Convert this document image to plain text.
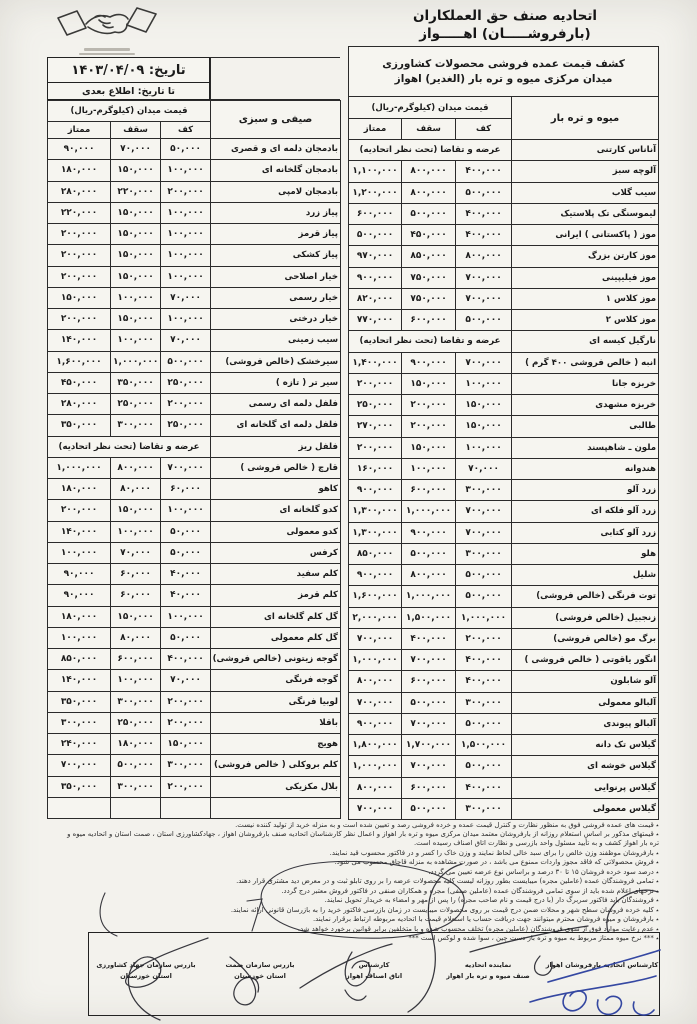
اتحادیه صنف حق العملکاران
(بارفروشـــــان) اهـــــواز
تاریخ: ۱۴۰۳/۰۴/۰۹
تا تاریخ: اطلاع بعدی
صیفی و سبزی	قیمت میدان (کیلوگرم-ریال)		
	کف	سقف	ممتاز
بادمجان دلمه ای و قصری	۵۰,۰۰۰	۷۰,۰۰۰	۹۰,۰۰۰
بادمجان گلخانه ای	۱۰۰,۰۰۰	۱۵۰,۰۰۰	۱۸۰,۰۰۰
بادمجان لامپی	۲۰۰,۰۰۰	۲۲۰,۰۰۰	۲۸۰,۰۰۰
پیاز زرد	۱۰۰,۰۰۰	۱۵۰,۰۰۰	۲۲۰,۰۰۰
پیاز قرمز	۱۰۰,۰۰۰	۱۵۰,۰۰۰	۲۰۰,۰۰۰
پیاز کشکی	۱۰۰,۰۰۰	۱۵۰,۰۰۰	۲۰۰,۰۰۰
خیار اصلاحی	۱۰۰,۰۰۰	۱۵۰,۰۰۰	۲۰۰,۰۰۰
خیار رسمی	۷۰,۰۰۰	۱۰۰,۰۰۰	۱۵۰,۰۰۰
خیار درختی	۱۰۰,۰۰۰	۱۵۰,۰۰۰	۲۰۰,۰۰۰
سیب زمینی	۷۰,۰۰۰	۱۰۰,۰۰۰	۱۴۰,۰۰۰
سیرخشک (خالص فروشی)	۵۰۰,۰۰۰	۱,۰۰۰,۰۰۰	۱,۶۰۰,۰۰۰
سیر تر ( تازه )	۲۵۰,۰۰۰	۳۵۰,۰۰۰	۴۵۰,۰۰۰
فلفل دلمه ای رسمی	۲۰۰,۰۰۰	۲۵۰,۰۰۰	۲۸۰,۰۰۰
فلفل دلمه ای گلخانه ای	۲۵۰,۰۰۰	۳۰۰,۰۰۰	۳۵۰,۰۰۰
فلفل ریز	عرضه و تقاضا (تحت نظر اتحادیه)		
قارچ ( خالص فروشی )	۷۰۰,۰۰۰	۸۰۰,۰۰۰	۱,۰۰۰,۰۰۰
کاهو	۶۰,۰۰۰	۸۰,۰۰۰	۱۸۰,۰۰۰
کدو گلخانه ای	۱۰۰,۰۰۰	۱۵۰,۰۰۰	۲۰۰,۰۰۰
کدو معمولی	۵۰,۰۰۰	۱۰۰,۰۰۰	۱۴۰,۰۰۰
کرفس	۵۰,۰۰۰	۷۰,۰۰۰	۱۰۰,۰۰۰
کلم سفید	۴۰,۰۰۰	۶۰,۰۰۰	۹۰,۰۰۰
کلم قرمز	۴۰,۰۰۰	۶۰,۰۰۰	۹۰,۰۰۰
گل کلم گلخانه ای	۱۰۰,۰۰۰	۱۵۰,۰۰۰	۱۸۰,۰۰۰
گل کلم معمولی	۵۰,۰۰۰	۸۰,۰۰۰	۱۰۰,۰۰۰
گوجه زیتونی (خالص فروشی)	۴۰۰,۰۰۰	۶۰۰,۰۰۰	۸۵۰,۰۰۰
گوجه فرنگی	۷۰,۰۰۰	۱۰۰,۰۰۰	۱۴۰,۰۰۰
لوبیا فرنگی	۲۰۰,۰۰۰	۳۰۰,۰۰۰	۳۵۰,۰۰۰
باقلا	۲۰۰,۰۰۰	۲۵۰,۰۰۰	۳۰۰,۰۰۰
هویج	۱۵۰,۰۰۰	۱۸۰,۰۰۰	۲۴۰,۰۰۰
کلم بروکلی ( خالص فروشی)	۳۰۰,۰۰۰	۵۰۰,۰۰۰	۷۰۰,۰۰۰
بلال مکزیکی	۲۰۰,۰۰۰	۳۰۰,۰۰۰	۳۵۰,۰۰۰

کشف قیمت عمده فروشی محصولات کشاورزی
میدان مرکزی میوه و تره بار (الغدیر) اهواز			
میوه و تره بار	قیمت میدان (کیلوگرم-ریال)		
	کف	سقف	ممتاز
آناناس کارتنی	عرضه و تقاضا (تحت نظر اتحادیه)		
آلوچه سبز	۴۰۰,۰۰۰	۸۰۰,۰۰۰	۱,۱۰۰,۰۰۰
سیب گلاب	۵۰۰,۰۰۰	۸۰۰,۰۰۰	۱,۲۰۰,۰۰۰
لیموسنگی تک پلاستیک	۴۰۰,۰۰۰	۵۰۰,۰۰۰	۶۰۰,۰۰۰
موز ( پاکستانی ) ایرانی	۴۰۰,۰۰۰	۴۵۰,۰۰۰	۵۰۰,۰۰۰
موز کارتن بزرگ	۸۰۰,۰۰۰	۸۵۰,۰۰۰	۹۷۰,۰۰۰
موز فیلیپینی	۷۰۰,۰۰۰	۷۵۰,۰۰۰	۹۰۰,۰۰۰
موز کلاس ۱	۷۰۰,۰۰۰	۷۵۰,۰۰۰	۸۲۰,۰۰۰
موز کلاس ۲	۵۰۰,۰۰۰	۶۰۰,۰۰۰	۷۷۰,۰۰۰
نارگیل کیسه ای	عرضه و تقاضا (تحت نظر اتحادیه)		
انبه ( خالص فروشی ۴۰۰ گرم )	۷۰۰,۰۰۰	۹۰۰,۰۰۰	۱,۴۰۰,۰۰۰
خربزه جانا	۱۰۰,۰۰۰	۱۵۰,۰۰۰	۲۰۰,۰۰۰
خربزه مشهدی	۱۵۰,۰۰۰	۲۰۰,۰۰۰	۲۵۰,۰۰۰
طالبی	۱۵۰,۰۰۰	۲۰۰,۰۰۰	۲۷۰,۰۰۰
ملون ـ شاهپسند	۱۰۰,۰۰۰	۱۵۰,۰۰۰	۲۰۰,۰۰۰
هندوانه	۷۰,۰۰۰	۱۰۰,۰۰۰	۱۶۰,۰۰۰
زرد آلو	۳۰۰,۰۰۰	۶۰۰,۰۰۰	۹۰۰,۰۰۰
زرد آلو فلکه ای	۷۰۰,۰۰۰	۱,۰۰۰,۰۰۰	۱,۳۰۰,۰۰۰
زرد آلو کتابی	۷۰۰,۰۰۰	۹۰۰,۰۰۰	۱,۳۰۰,۰۰۰
هلو	۳۰۰,۰۰۰	۵۰۰,۰۰۰	۸۵۰,۰۰۰
شلیل	۵۰۰,۰۰۰	۸۰۰,۰۰۰	۹۰۰,۰۰۰
توت فرنگی (خالص فروشی)	۵۰۰,۰۰۰	۱,۰۰۰,۰۰۰	۱,۶۰۰,۰۰۰
زنجبیل (خالص فروشی)	۱,۰۰۰,۰۰۰	۱,۵۰۰,۰۰۰	۲,۰۰۰,۰۰۰
برگ مو (خالص فروشی)	۲۰۰,۰۰۰	۴۰۰,۰۰۰	۷۰۰,۰۰۰
انگور یاقوتی ( خالص فروشی )	۴۰۰,۰۰۰	۷۰۰,۰۰۰	۱,۰۰۰,۰۰۰
آلو شابلون	۴۰۰,۰۰۰	۶۰۰,۰۰۰	۸۰۰,۰۰۰
آلبالو معمولی	۳۰۰,۰۰۰	۵۰۰,۰۰۰	۷۰۰,۰۰۰
آلبالو پیوندی	۵۰۰,۰۰۰	۷۰۰,۰۰۰	۹۰۰,۰۰۰
گیلاس تک دانه	۱,۵۰۰,۰۰۰	۱,۷۰۰,۰۰۰	۱,۸۰۰,۰۰۰
گیلاس خوشه ای	۵۰۰,۰۰۰	۷۰۰,۰۰۰	۱,۰۰۰,۰۰۰
گیلاس پرنوایی	۴۰۰,۰۰۰	۶۰۰,۰۰۰	۸۰۰,۰۰۰
گیلاس معمولی	۳۰۰,۰۰۰	۵۰۰,۰۰۰	۷۰۰,۰۰۰
٭ قیمت های عمده فروشی فوق به منظور نظارت و کنترل قیمت عمده و خرده فروشی رصد و تعیین شده است و به منزله خرید از تولید کننده نیست.
٭ قیمتهای مذکور بر اساس استعلام روزانه از بارفروشان معتمد میدان مرکزی میوه و تره بار اهواز و اعمال نظر کارشناسان اتحادیه صنف بارفروشان اهواز ، جهادکشاورزی استان ، صمت استان و اتحادیه میوه و تره بار اهواز کشف و به تأیید مسئول واحد بازرسی و نظارت اتاق اصناف رسیده است.
٭ بارفروشان موظفند وزن خالص را برای سبد خالی لحاظ نمایند و وزن خاک را کسر و در فاکتور محسوب قید نمایند.
٭ فروش محصولاتی که فاقد مجوز واردات ممنوع می باشد ، در صورت مشاهده به منزله قاچاق محسوب می شود.
٭ درصد سود خرده فروشان ۱۵ تا ۳۰ درصد و براساس نوع عرضه تعیین می گردد.
٭ تمامی فروشندگان عمده (عاملین مجره) میبایست بطور روزانه لیست کلیه محصولات عرضه را بر روی تابلو ثبت و در معرض دید مشتری قرار دهند.
٭ نرخهای اعلام شده باید از سوی تمامی فروشندگان عمده (عاملین صنفی) مجره و همکاران صنفی در فاکتور فروش معتبر درج گردد.
٭ فروشندگان باید فاکتور سربرگ دار (با درج قیمت و نام صاحب مجره) را پس از مهر و امضاء به خریدار تحویل نمایند.
٭ کلیه خرده فروشان سطح شهر و محلات ضمن درج قیمت بر روی محصولات میبایست در زمان بازرسی فاکتور خرید را به بازرسان قانونی ارائه نمایند.
٭ بارفروشان و میوه فروشان محترم میتوانند جهت دریافت حساب یا استعلام قیمت با اتحادیه مربوطه ارتباط برقرار نمایند.
٭ عدم رعایت موارد فوق از سوی فروشندگان (عاملین مجره) تخلف محسوب شده و با متخلفین برابر قوانین برخورد خواهد شد.
٭ *** نرخ میوه ممتاز مربوط به میوه و تره بار دست چین ، سوا شده و لوکس است ***
کارشناس اتحادیه بارفروشان اهواز
نماینده اتحادیه
صنف میوه و تره بار اهواز
کارشناس
اتاق اصناف اهواز
بازرس سازمان صمت
استان خوزستان
بازرس سازمان جهاد کشاورزی
استان خوزستان
